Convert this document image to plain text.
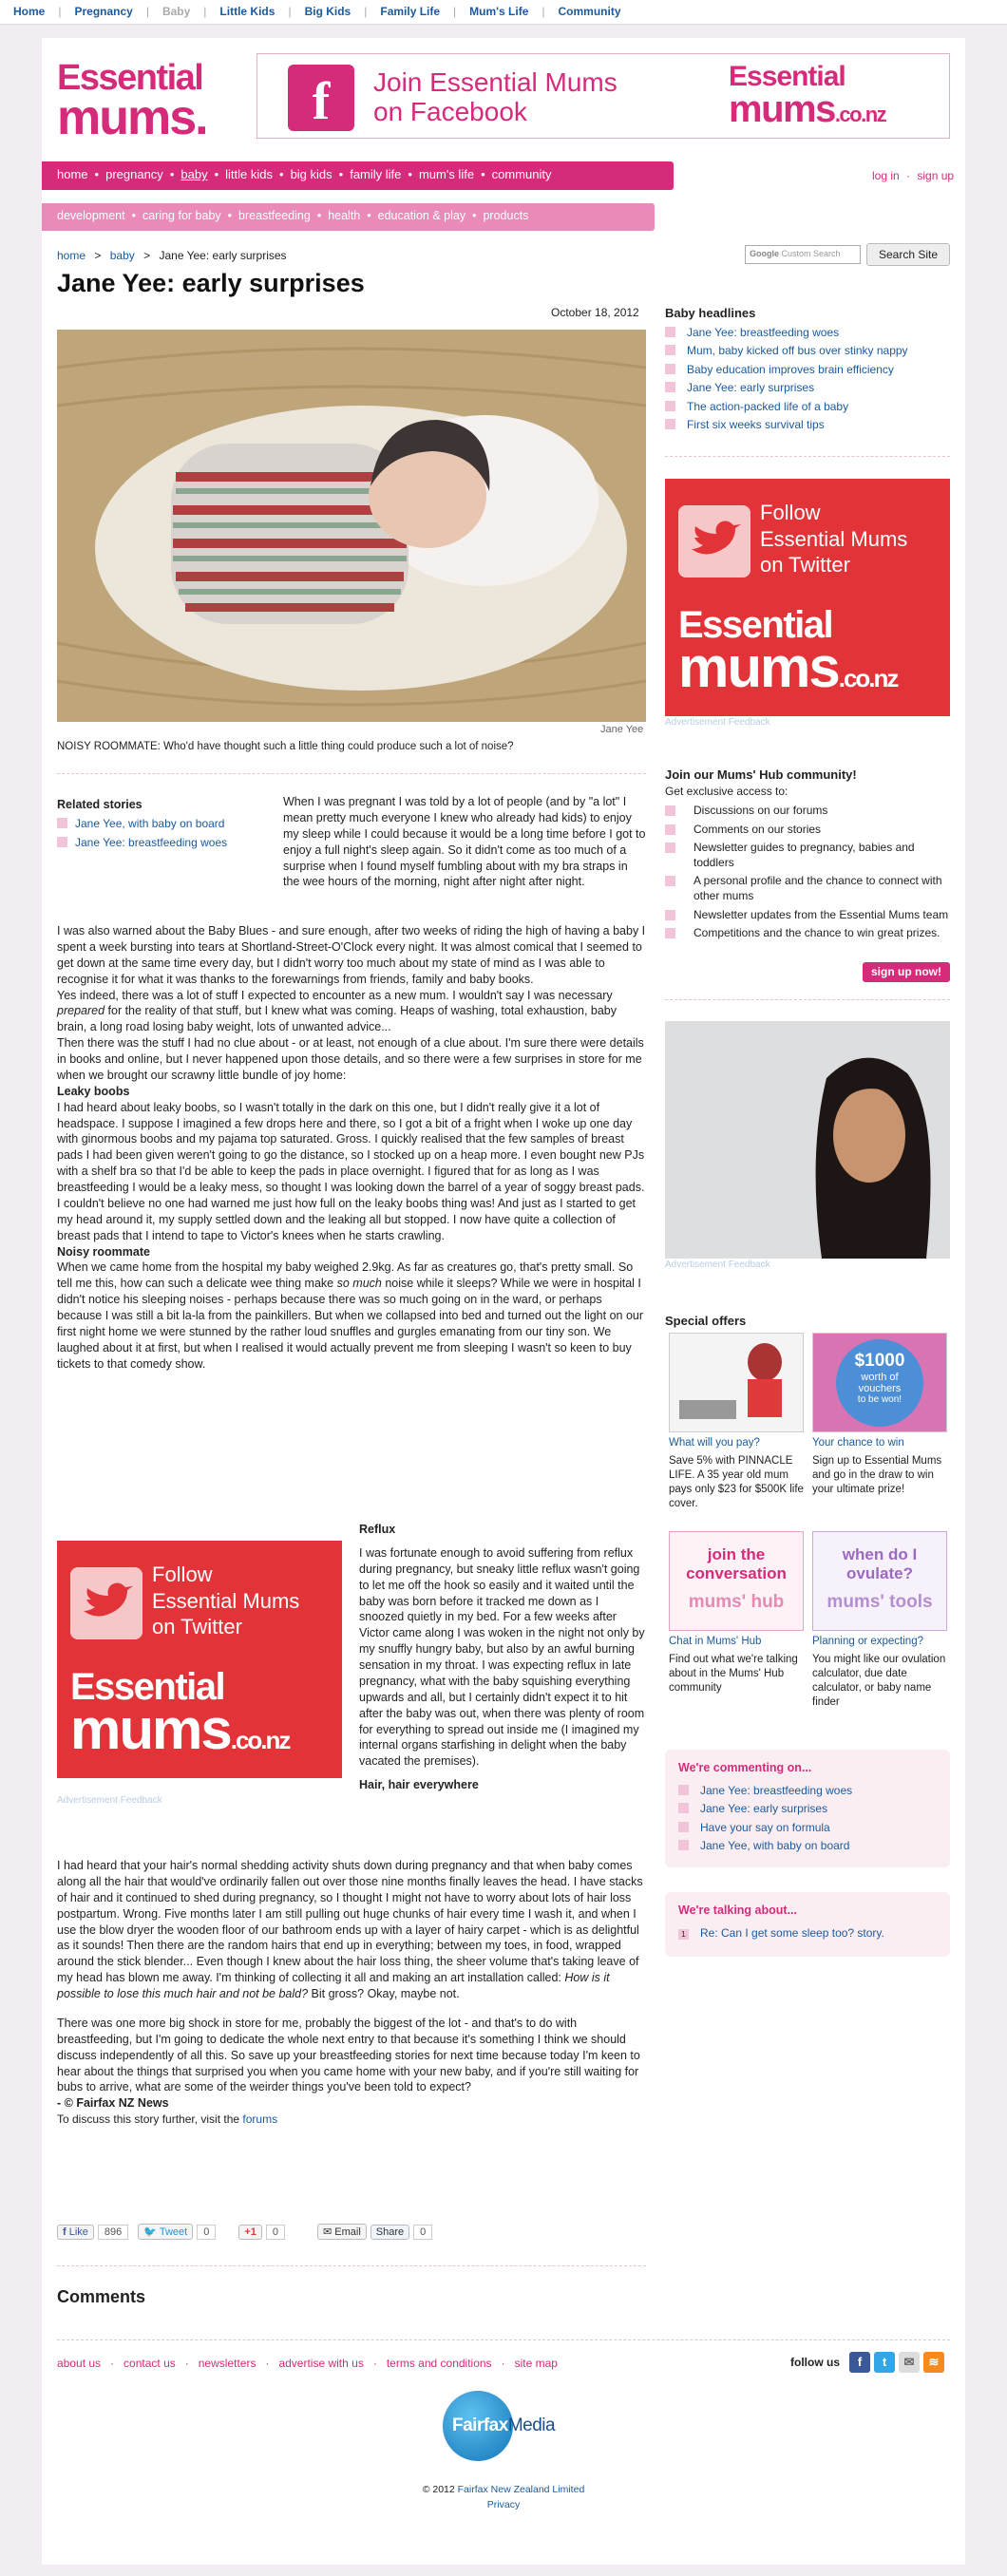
Home | Pregnancy | Baby | Little Kids | Big Kids | Family Life | Mum's Life | Community
Essential
mums.	f	Join Essential Mums
on Facebook
Essential
mums.co.nz
home • pregnancy • baby • little kids • big kids • family life • mum's life • community	log in · sign up
development • caring for baby • breastfeeding • health • education & play • products
home > baby > Jane Yee: early surprises	Google Custom Search	Search Site
Jane Yee: early surprises
October 18, 2012
Jane Yee
NOISY ROOMMATE: Who'd have thought such a little thing could produce such a lot of noise?
Related stories
Jane Yee, with baby on board
Jane Yee: breastfeeding woes
When I was pregnant I was told by a lot of people (and by "a lot" I mean pretty much everyone I knew who already had kids) to enjoy my sleep while I could because it would be a long time before I got to enjoy a full night's sleep again. So it didn't come as too much of a surprise when I found myself fumbling about with my bra straps in the wee hours of the morning, night after night after night.

I was also warned about the Baby Blues - and sure enough, after two weeks of riding the high of having a baby I spent a week bursting into tears at Shortland-Street-O'Clock every night. It was almost comical that I seemed to get down at the same time every day, but I didn't worry too much about my state of mind as I was able to recognise it for what it was thanks to the forewarnings from friends, family and baby books.

Yes indeed, there was a lot of stuff I expected to encounter as a new mum. I wouldn't say I was necessary prepared for the reality of that stuff, but I knew what was coming. Heaps of washing, total exhaustion, baby brain, a long road losing baby weight, lots of unwanted advice...

Then there was the stuff I had no clue about - or at least, not enough of a clue about. I'm sure there were details in books and online, but I never happened upon those details, and so there were a few surprises in store for me when we brought our scrawny little bundle of joy home:

Leaky boobs

I had heard about leaky boobs, so I wasn't totally in the dark on this one, but I didn't really give it a lot of headspace. I suppose I imagined a few drops here and there, so I got a bit of a fright when I woke up one day with ginormous boobs and my pajama top saturated. Gross. I quickly realised that the few samples of breast pads I had been given weren't going to go the distance, so I stocked up on a heap more. I even bought new PJs with a shelf bra so that I'd be able to keep the pads in place overnight. I figured that for as long as I was breastfeeding I would be a leaky mess, so thought I was looking down the barrel of a year of soggy breast pads. I couldn't believe no one had warned me just how full on the leaky boobs thing was! And just as I started to get my head around it, my supply settled down and the leaking all but stopped. I now have quite a collection of breast pads that I intend to tape to Victor's knees when he starts crawling.

Noisy roommate

When we came home from the hospital my baby weighed 2.9kg. As far as creatures go, that's pretty small. So tell me this, how can such a delicate wee thing make so much noise while it sleeps? While we were in hospital I didn't notice his sleeping noises - perhaps because there was so much going on in the ward, or perhaps because I was still a bit la-la from the painkillers. But when we collapsed into bed and turned out the light on our first night home we were stunned by the rather loud snuffles and gurgles emanating from our tiny son. We laughed about it at first, but when I realised it would actually prevent me from sleeping I wasn't so keen to buy tickets to that comedy show.

Follow
Essential Mums
on Twitter
Essential
mums.co.nz
Advertisement Feedback

Reflux

I was fortunate enough to avoid suffering from reflux during pregnancy, but sneaky little reflux wasn't going to let me off the hook so easily and it waited until the baby was born before it tracked me down as I snoozed quietly in my bed. For a few weeks after Victor came along I was woken in the night not only by my snuffly hungry baby, but also by an awful burning sensation in my throat. I was expecting reflux in late pregnancy, what with the baby squishing everything upwards and all, but I certainly didn't expect it to hit after the baby was out, when there was plenty of room for everything to spread out inside me (I imagined my internal organs starfishing in delight when the baby vacated the premises).

Hair, hair everywhere

I had heard that your hair's normal shedding activity shuts down during pregnancy and that when baby comes along all the hair that would've ordinarily fallen out over those nine months finally leaves the head. I have stacks of hair and it continued to shed during pregnancy, so I thought I might not have to worry about lots of hair loss postpartum. Wrong. Five months later I am still pulling out huge chunks of hair every time I wash it, and when I use the blow dryer the wooden floor of our bathroom ends up with a layer of hairy carpet - which is as delightful as it sounds! Then there are the random hairs that end up in everything; between my toes, in food, wrapped around the stick blender... Even though I knew about the hair loss thing, the sheer volume that's taking leave of my head has blown me away. I'm thinking of collecting it all and making an art installation called: How is it possible to lose this much hair and not be bald? Bit gross? Okay, maybe not.

There was one more big shock in store for me, probably the biggest of the lot - and that's to do with breastfeeding, but I'm going to dedicate the whole next entry to that because it's something I think we should discuss independently of all this. So save up your breastfeeding stories for next time because today I'm keen to hear about the things that surprised you when you came home with your new baby, and if you're still waiting for bubs to arrive, what are some of the weirder things you've been told to expect?

- © Fairfax NZ News

To discuss this story further, visit the forums

f Like	896	🐦 Tweet	0	+1	0	✉ Email	Share	0
Comments
Baby headlines
Jane Yee: breastfeeding woes
Mum, baby kicked off bus over stinky nappy
Baby education improves brain efficiency
Jane Yee: early surprises
The action-packed life of a baby
First six weeks survival tips
Follow
Essential Mums
on Twitter
Essential
mums.co.nz
Advertisement Feedback
Join our Mums' Hub community!
Get exclusive access to:
Discussions on our forums
Comments on our stories
Newsletter guides to pregnancy, babies and toddlers
A personal profile and the chance to connect with other mums
Newsletter updates from the Essential Mums team
Competitions and the chance to win great prizes.
sign up now!
Advertisement Feedback
Special offers
What will you pay?
Save 5% with PINNACLE LIFE. A 35 year old mum pays only $23 for $500K life cover.
$1000
worth of
vouchers
to be won!
Your chance to win
Sign up to Essential Mums and go in the draw to win your ultimate prize!
join the
conversation
mums' hub
Chat in Mums' Hub
Find out what we're talking about in the Mums' Hub community
when do I
ovulate?
mums' tools
Planning or expecting?
You might like our ovulation calculator, due date calculator, or baby name finder
We're commenting on...
Jane Yee: breastfeeding woes
Jane Yee: early surprises
Have your say on formula
Jane Yee, with baby on board
We're talking about...
1 Re: Can I get some sleep too? story.
about us · contact us · newsletters · advertise with us · terms and conditions · site map	follow us	f	t	✉	≋
FairfaxMedia
© 2012 Fairfax New Zealand Limited
Privacy
